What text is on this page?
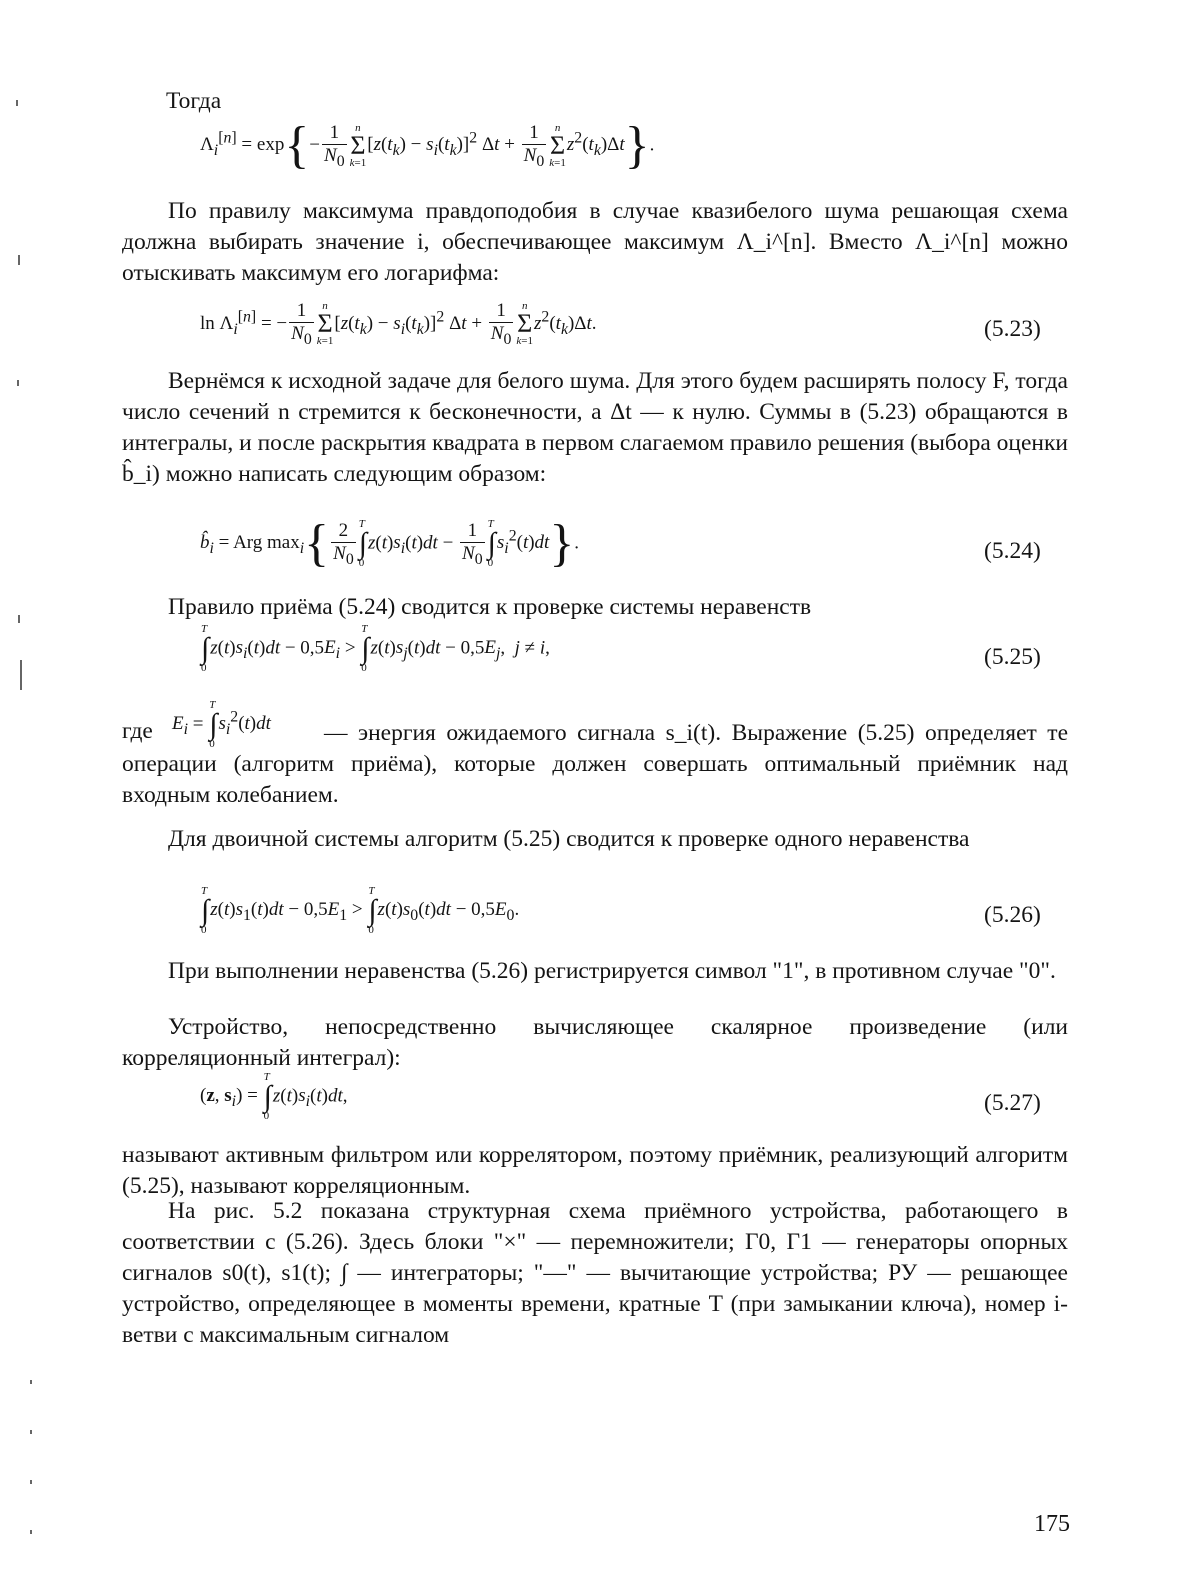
Тогда
$\Lambda_i[n] = \exp\{- \frac{1}{N_0}$ n
Σ
$k=1[z(t_k) - s_i(t_k)]^2$ $\Delta t + \frac{1}{N_0}$ n
Σ
$k=1z^2(t_k)\Delta t$}.
По правилу максимума правдоподобия в случае квазибелого шума решающая схема должна выбирать значение i, обеспечивающее максимум Λ_i^[n]. Вместо Λ_i^[n] можно отыскивать максимум его логарифма:
$\ln \Lambda_i[n]$ = − $\frac{1}{N_0}$ n
Σ
$k=1[z(t_k) - s_i(t_k)]^2$ $\Delta t + \frac{1}{N_0}$ n
Σ
$k=1z^2(t_k)\Delta t$.	(5.23)
Вернёмся к исходной задаче для белого шума. Для этого будем расширять полосу F, тогда число сечений n стремится к бесконечности, а Δt — к нулю. Суммы в (5.23) обращаются в интегралы, и после раскрытия квадрата в первом слагаемом правило решения (выбора оценки b̂_i) можно написать следующим образом:
$b̂_i$ = Arg $\max_i\{ \frac{2}{N_0}$ T
∫
$0z(t)s_i(t)dt - \frac{1}{N_0}$ T
∫
$0s_i^2(t)dt$}.	(5.24)
Правило приёма (5.24) сводится к проверке системы неравенств
T
∫
$0z(t)s_i(t)dt - 0,5E_i > T$
∫
$0z(t)s_j(t)dt - 0,5E_j$,  j ≠ i,	(5.25)
где $E_i = T$
∫
$0s_i^2(t)dt$	— энергия ожидаемого сигнала s_i(t). Выражение (5.25) определяет те операции (алгоритм приёма), которые должен совершать оптимальный приёмник над входным колебанием.
Для двоичной системы алгоритм (5.25) сводится к проверке одного неравенства
T
∫
$0z(t)s_1(t)dt - 0,5E_1 > T$
∫
$0z(t)s_0(t)dt - 0,5E_0$.	(5.26)
При выполнении неравенства (5.26) регистрируется символ "1", в противном случае "0".
Устройство, непосредственно вычисляющее скалярное произведение (или корреляционный интеграл):
(z, $s_i) = T$
∫
$0z(t)s_i(t)dt$,	(5.27)
называют активным фильтром или коррелятором, поэтому приёмник, реализующий алгоритм (5.25), называют корреляционным.
На рис. 5.2 показана структурная схема приёмного устройства, работающего в соответствии с (5.26). Здесь блоки "×" — перемножители; Γ0, Γ1 — генераторы опорных сигналов s0(t), s1(t); ∫ — интеграторы; "—" — вычитающие устройства; РУ — решающее устройство, определяющее в моменты времени, кратные T (при замыкании ключа), номер i-ветви с максимальным сигналом
175
